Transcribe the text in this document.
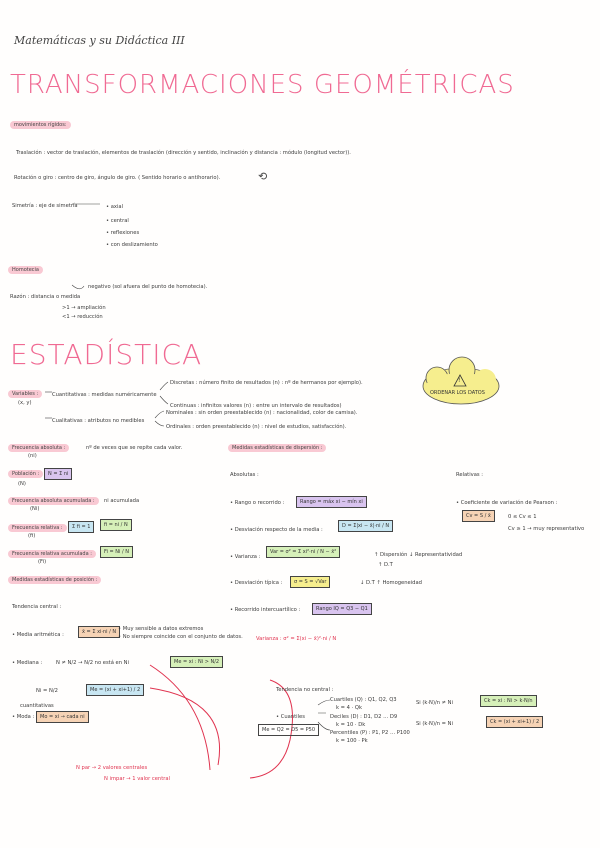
Matemáticas y su Didáctica III
TRANSFORMACIONES GEOMÉTRICAS
movimientos rígidos:
Traslación : vector de traslación, elementos de traslación (dirección y sentido, inclinación y distancia : módulo (longitud vector)).
Rotación o giro : centro de giro, ángulo de giro. ( Sentido horario o antihorario).	⟲
Simetría : eje de simetría	• axial
• central
• reflexiones
• con deslizamiento
Homotecia
negativo (sol afuera del punto de homotecia).
Razón : distancia o medida
>1 → ampliación
<1 → reducción
ESTADÍSTICA
Variables :
(x, y)
Cuantitativas : medidas numéricamente
Discretas : número finito de resultados (n) : nº de hermanos por ejemplo).
Continuas : infinitos valores (n) : entre un intervalo de resultados)
Cualitativas : atributos no medibles
Nominales : sin orden preestablecido (n) : nacionalidad, color de camisa).
Ordinales : orden preestablecido (n) : nivel de estudios, satisfacción).
ORDENAR LOS DATOS
!
Frecuencia absoluta :	nº de veces que se repite cada valor.
(ni)
Población :	N = Σ ni
(N)
Frecuencia absoluta acumulada :	ni acumulada
(Ni)
Frecuencia relativa :	Σ fi = 1	fi = ni / N
(fi)
Frecuencia relativa acumulada :	Fi = Ni / N
(Fi)
Medidas estadísticas de posición :
Tendencia central :
• Media aritmética :	x̄ = Σ xi·ni / N • Muy sensible a datos extremos
• No siempre coincide con el conjunto de datos.
• Mediana :	N ≠ N/2 → N/2 no está en Ni	Me = xi : Ni > N/2
Ni = N/2	Me = (xi + xi+1) / 2
cuantitativas
• Moda :	Mo = xi → cada ni
N par → 2 valores centrales
N impar → 1 valor central
Medidas estadísticas de dispersión :
Absolutas :	Relativas :
• Rango o recorrido :	Rango = máx xi − mín xi
• Desviación respecto de la media :
D = Σ|xi − x̄|·ni / N
• Varianza :
Var = σ² = Σ xi²·ni / N − x̄²	↑ Dispersión ↓ Representatividad
↑ D.T
• Desviación típica :	σ = S = √Var	↓ D.T ↑ Homogeneidad
• Recorrido intercuartílico :	Rango IQ = Q3 − Q1
Varianza : σ² = Σ(xi − x̄)²·ni / N
• Coeficiente de variación de Pearson :
Cv = S / x̄	0 ≤ Cv ≤ 1
Cv ≥ 1 → muy representativo
Tendencia no central :
• Cuantiles
Me = Q2 = D5 = P50
Cuartiles (Q) : Q1, Q2, Q3
k = 4 · Qk
Deciles (D) : D1, D2 … D9
k = 10 · Dk
Percentiles (P) : P1, P2 … P100
k = 100 · Pk
Si (k·N)/n ≠ Ni	Ck = xi : Ni > k·N/n
Si (k·N)/n = Ni	Ck = (xi + xi+1) / 2
